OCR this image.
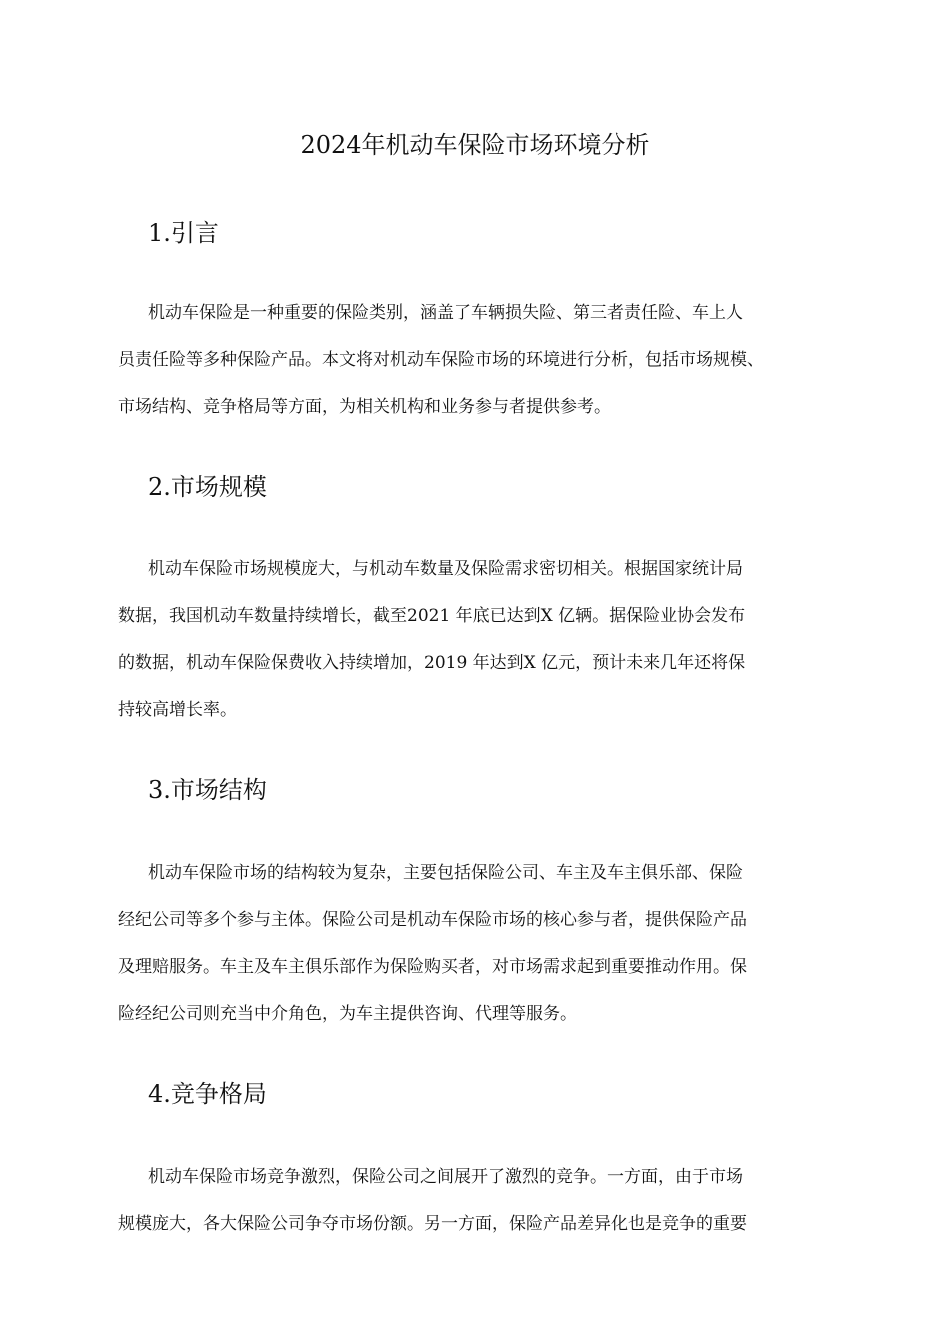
2024年机动车保险市场环境分析
1.引言
机动车保险是一种重要的保险类别，涵盖了车辆损失险、第三者责任险、车上人
员责任险等多种保险产品。本文将对机动车保险市场的环境进行分析，包括市场规模、
市场结构、竞争格局等方面，为相关机构和业务参与者提供参考。
2.市场规模
机动车保险市场规模庞大，与机动车数量及保险需求密切相关。根据国家统计局
数据，我国机动车数量持续增长，截至2021 年底已达到X 亿辆。据保险业协会发布
的数据，机动车保险保费收入持续增加，2019 年达到X 亿元，预计未来几年还将保
持较高增长率。
3.市场结构
机动车保险市场的结构较为复杂，主要包括保险公司、车主及车主俱乐部、保险
经纪公司等多个参与主体。保险公司是机动车保险市场的核心参与者，提供保险产品
及理赔服务。车主及车主俱乐部作为保险购买者，对市场需求起到重要推动作用。保
险经纪公司则充当中介角色，为车主提供咨询、代理等服务。
4.竞争格局
机动车保险市场竞争激烈，保险公司之间展开了激烈的竞争。一方面，由于市场
规模庞大，各大保险公司争夺市场份额。另一方面，保险产品差异化也是竞争的重要
